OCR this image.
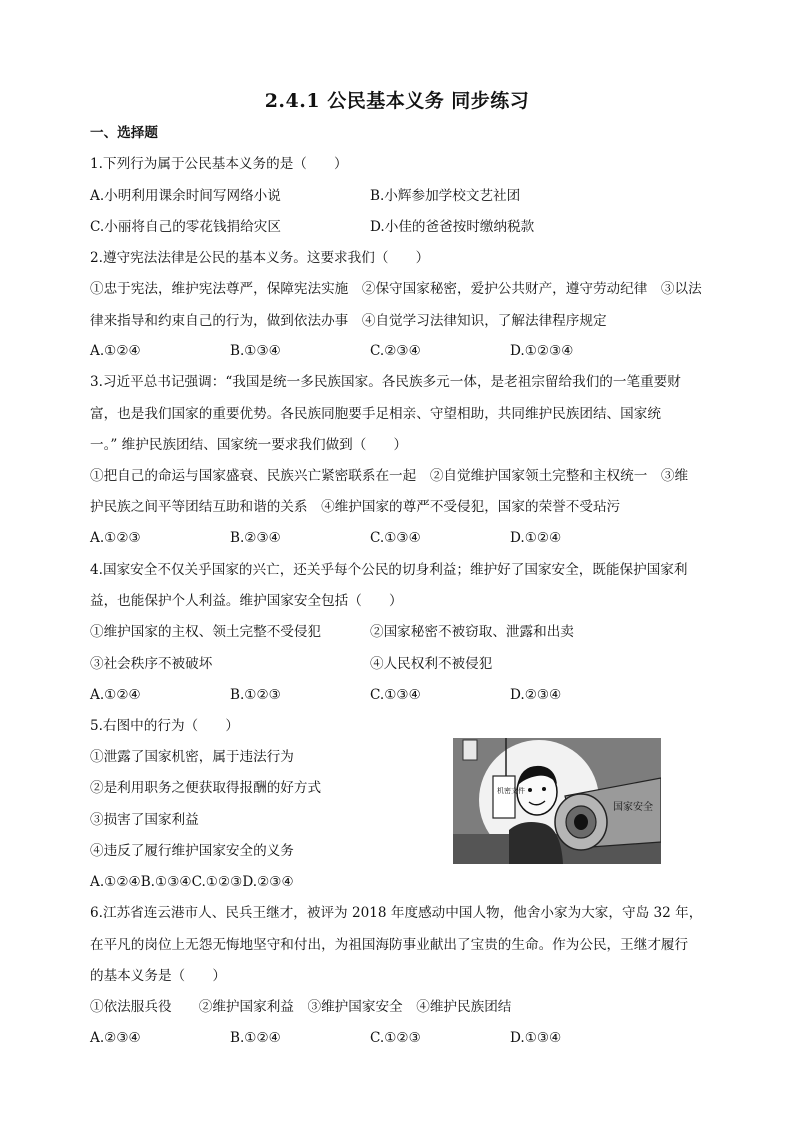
2.4.1 公民基本义务 同步练习
一、选择题
1.下列行为属于公民基本义务的是（　　）
A.小明利用课余时间写网络小说	B.小辉参加学校文艺社团
C.小丽将自己的零花钱捐给灾区	D.小佳的爸爸按时缴纳税款
2.遵守宪法法律是公民的基本义务。这要求我们（　　）
①忠于宪法，维护宪法尊严，保障宪法实施　②保守国家秘密，爱护公共财产，遵守劳动纪律　③以法
律来指导和约束自己的行为，做到依法办事　④自觉学习法律知识，了解法律程序规定
A.①②④	B.①③④	C.②③④	D.①②③④
3.习近平总书记强调：“我国是统一多民族国家。各民族多元一体，是老祖宗留给我们的一笔重要财
富，也是我们国家的重要优势。各民族同胞要手足相亲、守望相助，共同维护民族团结、国家统
一。” 维护民族团结、国家统一要求我们做到（　　）
①把自己的命运与国家盛衰、民族兴亡紧密联系在一起　②自觉维护国家领土完整和主权统一　③维
护民族之间平等团结互助和谐的关系　④维护国家的尊严不受侵犯，国家的荣誉不受玷污
A.①②③	B.②③④	C.①③④	D.①②④
4.国家安全不仅关乎国家的兴亡，还关乎每个公民的切身利益；维护好了国家安全，既能保护国家利
益，也能保护个人利益。维护国家安全包括（　　）
①维护国家的主权、领土完整不受侵犯	②国家秘密不被窃取、泄露和出卖
③社会秩序不被破坏	④人民权利不被侵犯
A.①②④	B.①②③	C.①③④	D.②③④
5.右图中的行为（　　）
①泄露了国家机密，属于违法行为
②是利用职务之便获取得报酬的好方式
③损害了国家利益
④违反了履行维护国家安全的义务
A.①②④B.①③④C.①②③D.②③④
机密文件
国家安全
6.江苏省连云港市人、民兵王继才，被评为 2018 年度感动中国人物，他舍小家为大家，守岛 32 年，
在平凡的岗位上无怨无悔地坚守和付出，为祖国海防事业献出了宝贵的生命。作为公民，王继才履行
的基本义务是（　　）
①依法服兵役　　②维护国家利益　③维护国家安全　④维护民族团结
A.②③④	B.①②④	C.①②③	D.①③④
